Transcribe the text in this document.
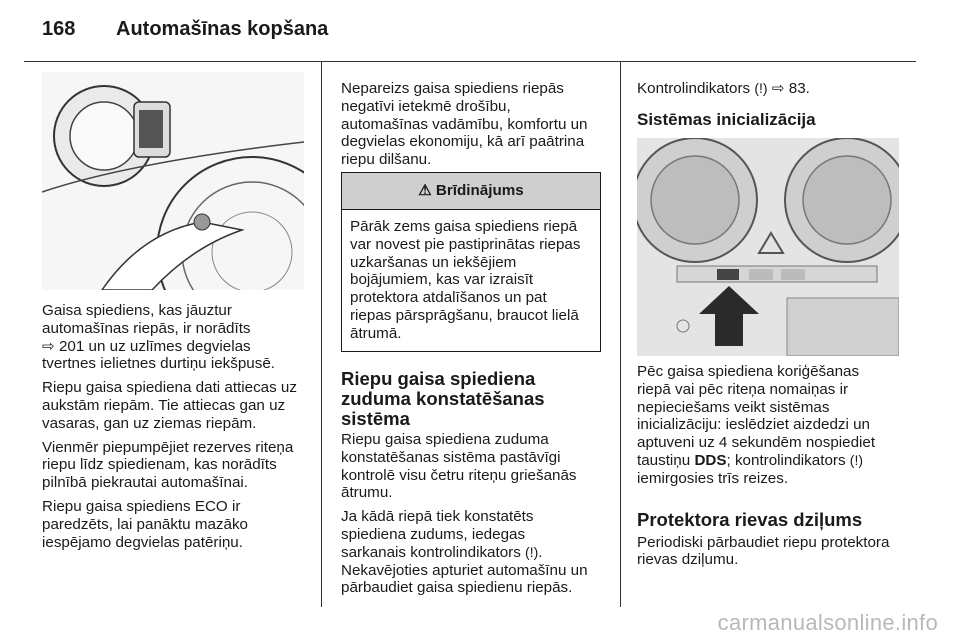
168 Automašīnas kopšana

Gaisa spiediens, kas jāuztur
automašīnas riepās, ir norādīts
⇨ 201 un uz uzlīmes degvielas
tvertnes ielietnes durtiņu iekšpusē.

Riepu gaisa spiediena dati attiecas uz
aukstām riepām. Tie attiecas gan uz
vasaras, gan uz ziemas riepām.

Vienmēr piepumpējiet rezerves riteņa
riepu līdz spiedienam, kas norādīts
pilnībā piekrautai automašīnai.

Riepu gaisa spiediens ECO ir
paredzēts, lai panāktu mazāko
iespējamo degvielas patēriņu.

Nepareizs gaisa spiediens riepās
negatīvi ietekmē drošību,
automašīnas vadāmību, komfortu un
degvielas ekonomiju, kā arī paātrina
riepu dilšanu.

⚠ Brīdinājums
Pārāk zems gaisa spiediens riepā
var novest pie pastiprinātas riepas
uzkaršanas un iekšējiem
bojājumiem, kas var izraisīt
protektora atdalīšanos un pat
riepas pārsprāgšanu, braucot lielā
ātrumā.
Riepu gaisa spiediena
zuduma konstatēšanas
sistēma

Riepu gaisa spiediena zuduma
konstatēšanas sistēma pastāvīgi
kontrolē visu četru riteņu griešanās
ātrumu.

Ja kādā riepā tiek konstatēts
spiediena zudums, iedegas
sarkanais kontrolindikators (!).
Nekavējoties apturiet automašīnu un
pārbaudiet gaisa spiedienu riepās.

Kontrolindikators (!) ⇨ 83.

Sistēmas inicializācija

Pēc gaisa spiediena koriģēšanas
riepā vai pēc riteņa nomaiņas ir
nepieciešams veikt sistēmas
inicializāciju: ieslēdziet aizdedzi un
aptuveni uz 4 sekundēm nospiediet
taustiņu DDS; kontrolindikators (!)
iemirgosies trīs reizes.

Protektora rievas dziļums

Periodiski pārbaudiet riepu protektora
rievas dziļumu.

carmanualsonline.info
